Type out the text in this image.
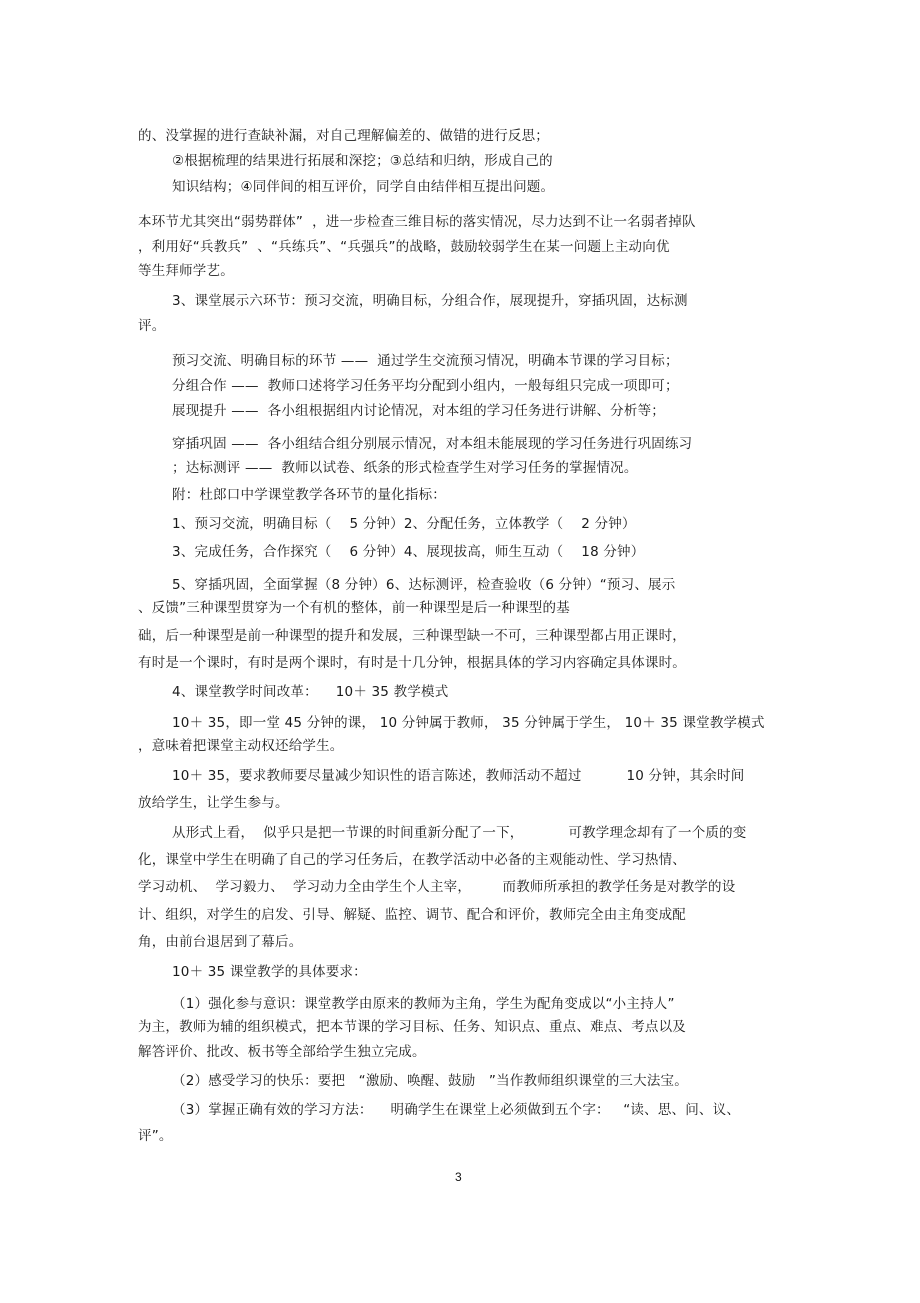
的、没掌握的进行查缺补漏，对自己理解偏差的、做错的进行反思；
②根据梳理的结果进行拓展和深挖；③总结和归纳，形成自己的
知识结构；④同伴间的相互评价，同学自由结伴相互提出问题。
本环节尤其突出“弱势群体”  ，进一步检查三维目标的落实情况，尽力达到不让一名弱者掉队
，利用好“兵教兵”  、“兵练兵”、“兵强兵”的战略，鼓励较弱学生在某一问题上主动向优
等生拜师学艺。
3、课堂展示六环节：预习交流，明确目标，分组合作，展现提升，穿插巩固，达标测
评。
预习交流、明确目标的环节 ——  通过学生交流预习情况，明确本节课的学习目标；
分组合作 ——  教师口述将学习任务平均分配到小组内，一般每组只完成一项即可；
展现提升 ——  各小组根据组内讨论情况，对本组的学习任务进行讲解、分析等；
穿插巩固 ——  各小组结合组分别展示情况，对本组未能展现的学习任务进行巩固练习
；达标测评 ——  教师以试卷、纸条的形式检查学生对学习任务的掌握情况。
附：杜郎口中学课堂教学各环节的量化指标：
1、预习交流，明确目标（    5 分钟）2、分配任务，立体教学（    2 分钟）
3、完成任务，合作探究（    6 分钟）4、展现拔高，师生互动（    18 分钟）
5、穿插巩固，全面掌握（8 分钟）6、达标测评，检查验收（6 分钟）“预习、展示
、反馈”三种课型贯穿为一个有机的整体，前一种课型是后一种课型的基
础，后一种课型是前一种课型的提升和发展，三种课型缺一不可，三种课型都占用正课时，
有时是一个课时，有时是两个课时，有时是十几分钟，根据具体的学习内容确定具体课时。
4、课堂教学时间改革：    10＋ 35 教学模式
10＋ 35，即一堂 45 分钟的课， 10 分钟属于教师， 35 分钟属于学生， 10＋ 35 课堂教学模式
，意味着把课堂主动权还给学生。
10＋ 35，要求教师要尽量减少知识性的语言陈述，教师活动不超过          10 分钟，其余时间
放给学生，让学生参与。
从形式上看，  似乎只是把一节课的时间重新分配了一下，          可教学理念却有了一个质的变
化，课堂中学生在明确了自己的学习任务后，在教学活动中必备的主观能动性、学习热情、
学习动机、  学习毅力、  学习动力全由学生个人主宰，       而教师所承担的教学任务是对教学的设
计、组织，对学生的启发、引导、解疑、监控、调节、配合和评价，教师完全由主角变成配
角，由前台退居到了幕后。
10＋ 35 课堂教学的具体要求：
（1）强化参与意识：课堂教学由原来的教师为主角，学生为配角变成以“小主持人”
为主，教师为辅的组织模式，把本节课的学习目标、任务、知识点、重点、难点、考点以及
解答评价、批改、板书等全部给学生独立完成。
（2）感受学习的快乐：要把   “激励、唤醒、鼓励   ”当作教师组织课堂的三大法宝。
（3）掌握正确有效的学习方法：    明确学生在课堂上必须做到五个字：   “读、思、问、议、
评”。
3
